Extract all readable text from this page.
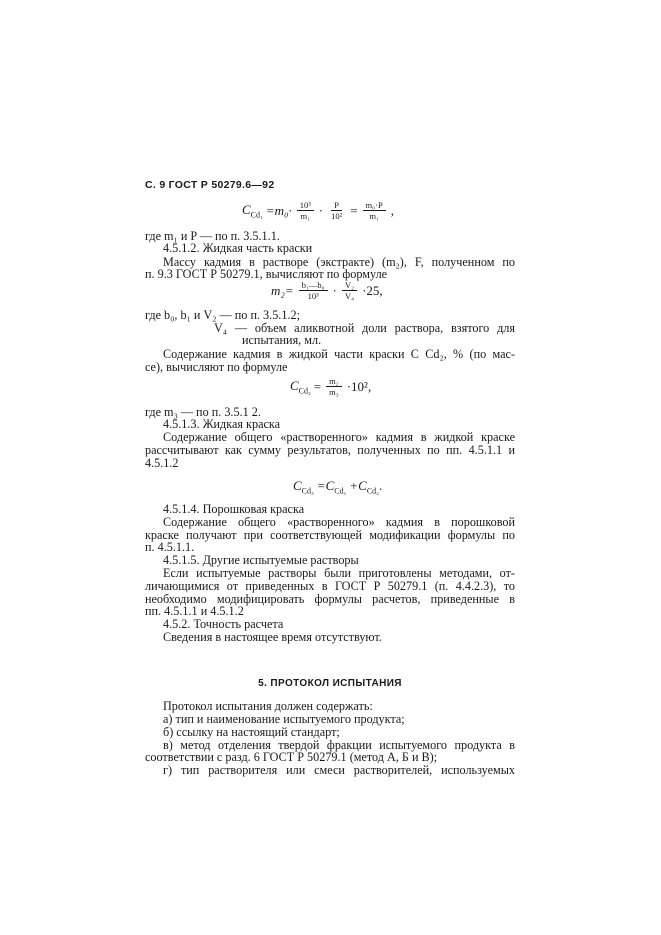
С. 9 ГОСТ Р 50279.6—92
$C_{Cd_1} =m_0\cdot \frac{\text{10³}}{\text{m₁}} \cdot \frac{P}{\text{10²}} = \frac{\text{m₀·P}}{\text{m₁}}$ ,
где m₁ и P — по п. 3.5.1.1.
4.5.1.2. Жидкая часть краски
Массу кадмия в растворе (экстракте) (m₂), F, полученном по
п. 9.3 ГОСТ Р 50279.1, вычисляют по формуле
$m_2= \frac{\text{b₁—b₀}}{\text{10³}} \cdot \frac{\text{V₂}}{\text{V₄}} \cdot 25$,
где b₀, b₁ и V₂ — по п. 3.5.1.2;
V₄ — объем аликвотной доли раствора, взятого для
испытания, мл.
Содержание кадмия в жидкой части краски C Cd₂, % (по мас-
се), вычисляют по формуле
$C_{Cd_2} = \frac{\text{m₂}}{\text{m₃}} \cdot 10^2$,
где m₃ — по п. 3.5.1 2.
4.5.1.3. Жидкая краска
Содержание общего «растворенного» кадмия в жидкой краске
рассчитывают как сумму результатов, полученных по пп. 4.5.1.1 и
4.5.1.2
$C_{Cd_3} =C_{Cd_1} +C_{Cd_2}$.
4.5.1.4. Порошковая краска
Содержание общего «растворенного» кадмия в порошковой
краске получают при соответствующей модификации формулы по
п. 4.5.1.1.
4.5.1.5. Другие испытуемые растворы
Если испытуемые растворы были приготовлены методами, от-
личающимися от приведенных в ГОСТ Р 50279.1 (п. 4.4.2.3), то
необходимо модифицировать формулы расчетов, приведенные в
пп. 4.5.1.1 и 4.5.1.2
4.5.2. Точность расчета
Сведения в настоящее время отсутствуют.
5. ПРОТОКОЛ ИСПЫТАНИЯ
Протокол испытания должен содержать:
а) тип и наименование испытуемого продукта;
б) ссылку на настоящий стандарт;
в) метод отделения твердой фракции испытуемого продукта в
соответствии с разд. 6 ГОСТ Р 50279.1 (метод А, Б и В);
г) тип растворителя или смеси растворителей, используемых
